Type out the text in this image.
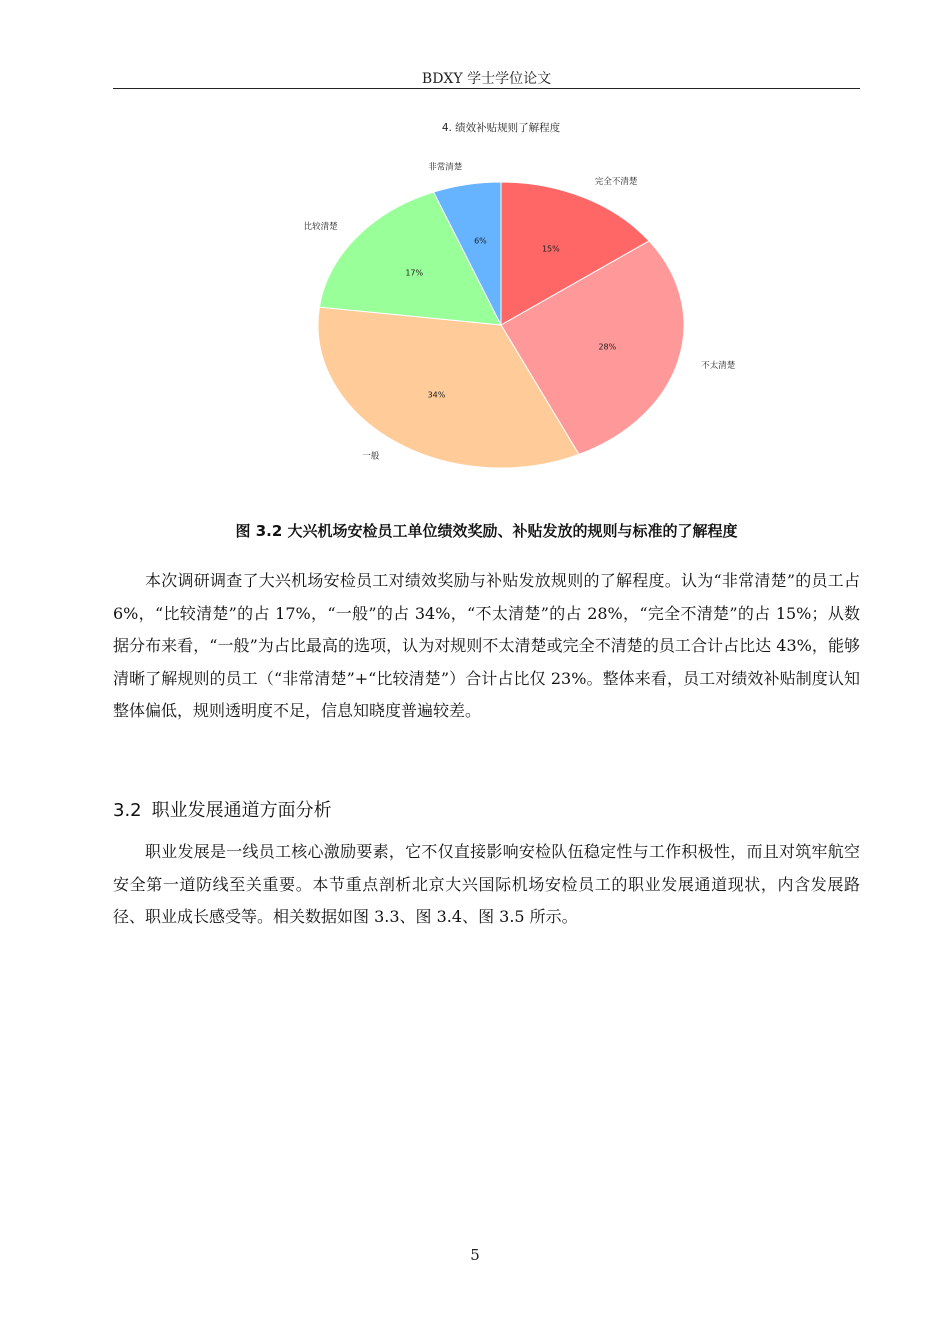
BDXY 学士学位论文
4. 绩效补贴规则了解程度
15%
完全不清楚
28%
不太清楚
34%
一般
17%
比较清楚
6%
非常清楚
图 3.2 大兴机场安检员工单位绩效奖励、补贴发放的规则与标准的了解程度

本次调研调查了大兴机场安检员工对绩效奖励与补贴发放规则的了解程度。认为“非常清楚”的员工占 6%，“比较清楚”的占 17%，“一般”的占 34%，“不太清楚”的占 28%，“完全不清楚”的占 15%；从数据分布来看，“一般”为占比最高的选项，认为对规则不太清楚或完全不清楚的员工合计占比达 43%，能够清晰了解规则的员工（“非常清楚”+“比较清楚”）合计占比仅 23%。整体来看，员工对绩效补贴制度认知整体偏低，规则透明度不足，信息知晓度普遍较差。

3.2 职业发展通道方面分析

职业发展是一线员工核心激励要素，它不仅直接影响安检队伍稳定性与工作积极性，而且对筑牢航空安全第一道防线至关重要。本节重点剖析北京大兴国际机场安检员工的职业发展通道现状，内含发展路径、职业成长感受等。相关数据如图 3.3、图 3.4、图 3.5 所示。

5
